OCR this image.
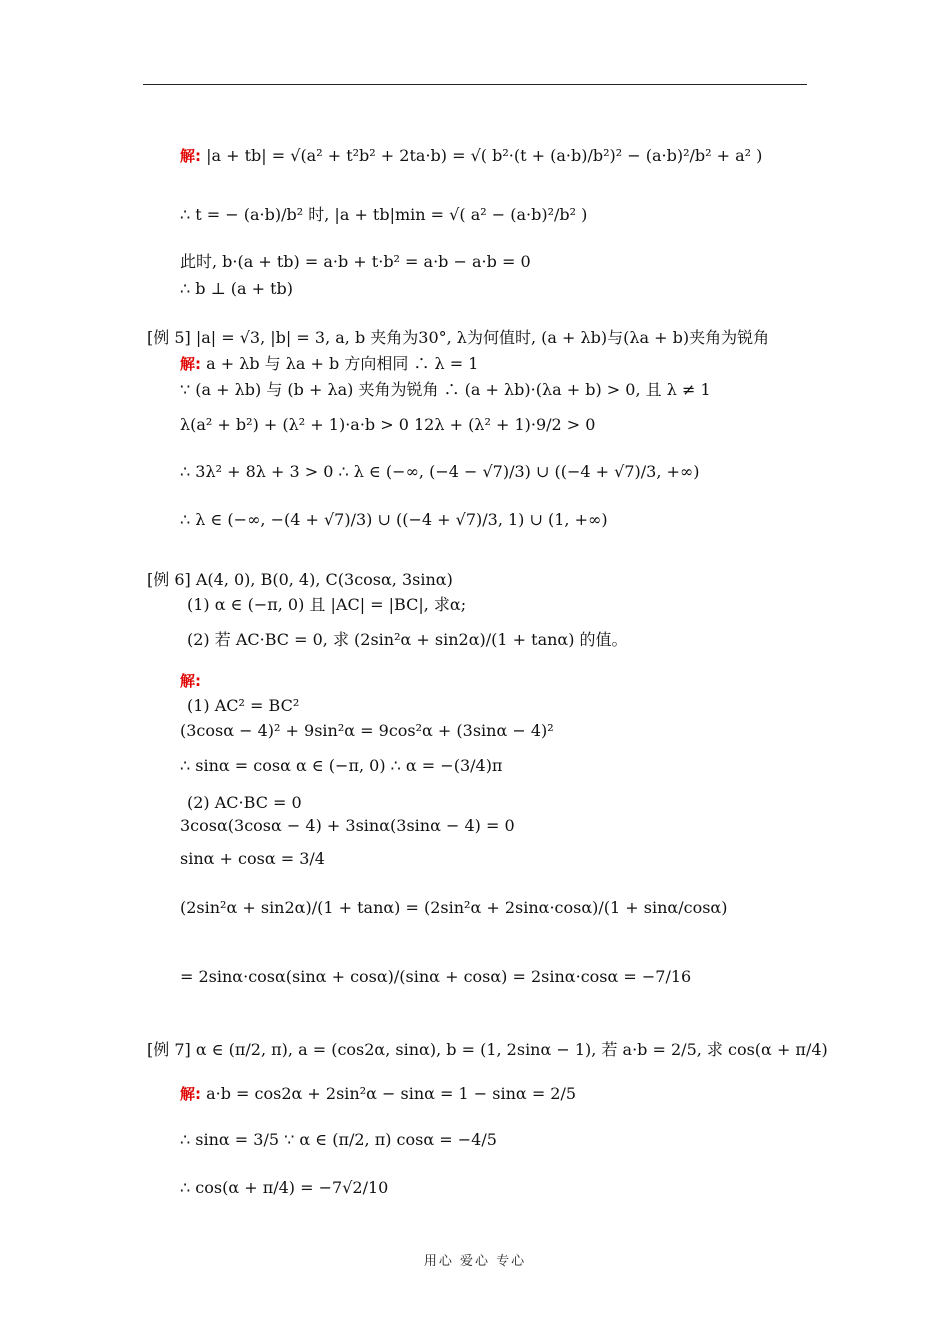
解: |a + tb| = √(a² + t²b² + 2ta·b) = √( b²·(t + (a·b)/b²)² − (a·b)²/b² + a² )
∴ t = − (a·b)/b² 时, |a + tb|min = √( a² − (a·b)²/b² )
此时, b·(a + tb) = a·b + t·b² = a·b − a·b = 0
∴ b ⊥ (a + tb)
[例 5] |a| = √3, |b| = 3, a, b 夹角为30°, λ为何值时, (a + λb)与(λa + b)夹角为锐角
解: a + λb 与 λa + b 方向相同 ∴ λ = 1
∵ (a + λb) 与 (b + λa) 夹角为锐角 ∴ (a + λb)·(λa + b) > 0, 且 λ ≠ 1
λ(a² + b²) + (λ² + 1)·a·b > 0 12λ + (λ² + 1)·9/2 > 0
∴ 3λ² + 8λ + 3 > 0 ∴ λ ∈ (−∞, (−4 − √7)/3) ∪ ((−4 + √7)/3, +∞)
∴ λ ∈ (−∞, −(4 + √7)/3) ∪ ((−4 + √7)/3, 1) ∪ (1, +∞)
[例 6] A(4, 0), B(0, 4), C(3cosα, 3sinα)
(1) α ∈ (−π, 0) 且 |AC| = |BC|, 求α;
(2) 若 AC·BC = 0, 求 (2sin²α + sin2α)/(1 + tanα) 的值。
解:
(1) AC² = BC²
(3cosα − 4)² + 9sin²α = 9cos²α + (3sinα − 4)²
∴ sinα = cosα α ∈ (−π, 0) ∴ α = −(3/4)π
(2) AC·BC = 0
3cosα(3cosα − 4) + 3sinα(3sinα − 4) = 0
sinα + cosα = 3/4
(2sin²α + sin2α)/(1 + tanα) = (2sin²α + 2sinα·cosα)/(1 + sinα/cosα)
= 2sinα·cosα(sinα + cosα)/(sinα + cosα) = 2sinα·cosα = −7/16
[例 7] α ∈ (π/2, π), a = (cos2α, sinα), b = (1, 2sinα − 1), 若 a·b = 2/5, 求 cos(α + π/4)
解: a·b = cos2α + 2sin²α − sinα = 1 − sinα = 2/5
∴ sinα = 3/5 ∵ α ∈ (π/2, π) cosα = −4/5
∴ cos(α + π/4) = −7√2/10
用心 爱心 专心
